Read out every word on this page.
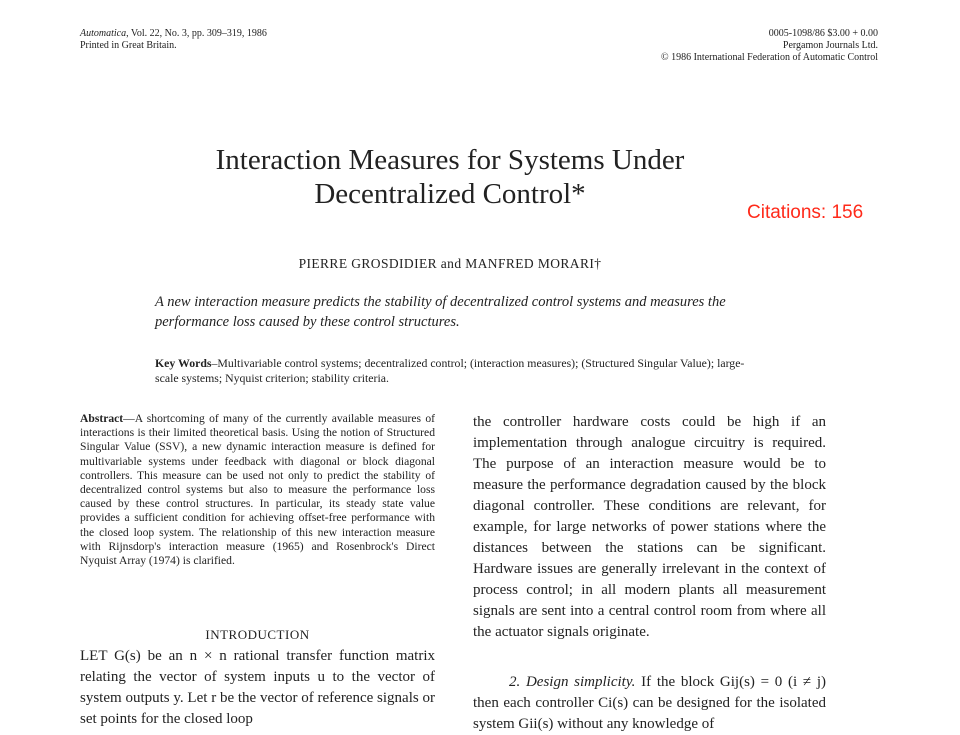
Automatica, Vol. 22, No. 3, pp. 309–319, 1986
Printed in Great Britain.
0005-1098/86 $3.00 + 0.00
Pergamon Journals Ltd.
© 1986 International Federation of Automatic Control
Interaction Measures for Systems Under
Decentralized Control*
Citations: 156
PIERRE GROSDIDIER and MANFRED MORARI†
A new interaction measure predicts the stability of decentralized control systems and measures the performance loss caused by these control structures.
Key Words–Multivariable control systems; decentralized control; (interaction measures); (Structured Singular Value); large-scale systems; Nyquist criterion; stability criteria.
Abstract—A shortcoming of many of the currently available measures of interactions is their limited theoretical basis. Using the notion of Structured Singular Value (SSV), a new dynamic interaction measure is defined for multivariable systems under feedback with diagonal or block diagonal controllers. This measure can be used not only to predict the stability of decentralized control systems but also to measure the performance loss caused by these control structures. In particular, its steady state value provides a sufficient condition for achieving offset-free performance with the closed loop system. The relationship of this new interaction measure with Rijnsdorp's interaction measure (1965) and Rosenbrock's Direct Nyquist Array (1974) is clarified.
INTRODUCTION
LET G(s) be an n × n rational transfer function matrix relating the vector of system inputs u to the vector of system outputs y. Let r be the vector of reference signals or set points for the closed loop
the controller hardware costs could be high if an implementation through analogue circuitry is required. The purpose of an interaction measure would be to measure the performance degradation caused by the block diagonal controller. These conditions are relevant, for example, for large networks of power stations where the distances between the stations can be significant. Hardware issues are generally irrelevant in the context of process control; in all modern plants all measurement signals are sent into a central control room from where all the actuator signals originate.
2. Design simplicity. If the block Gij(s) = 0 (i ≠ j) then each controller Ci(s) can be designed for the isolated system Gii(s) without any knowledge of
